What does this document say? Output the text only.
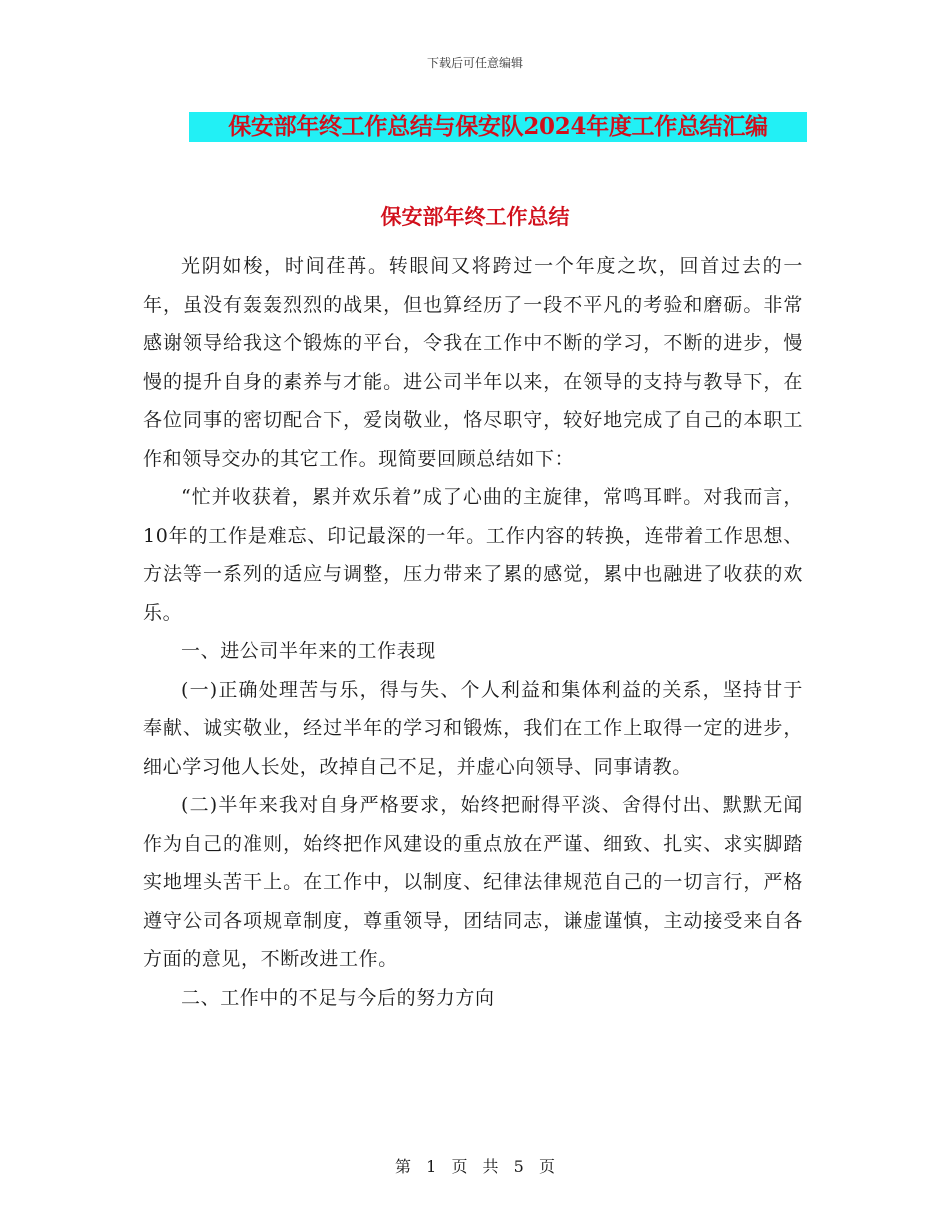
下载后可任意编辑
保安部年终工作总结与保安队2024年度工作总结汇编
保安部年终工作总结

光阴如梭，时间荏苒。转眼间又将跨过一个年度之坎，回首过去的一年，虽没有轰轰烈烈的战果，但也算经历了一段不平凡的考验和磨砺。非常感谢领导给我这个锻炼的平台，令我在工作中不断的学习，不断的进步，慢慢的提升自身的素养与才能。进公司半年以来，在领导的支持与教导下，在各位同事的密切配合下，爱岗敬业，恪尽职守，较好地完成了自己的本职工作和领导交办的其它工作。现简要回顾总结如下：

“忙并收获着，累并欢乐着”成了心曲的主旋律，常鸣耳畔。对我而言，10年的工作是难忘、印记最深的一年。工作内容的转换，连带着工作思想、方法等一系列的适应与调整，压力带来了累的感觉，累中也融进了收获的欢乐。

一、进公司半年来的工作表现

(一)正确处理苦与乐，得与失、个人利益和集体利益的关系，坚持甘于奉献、诚实敬业，经过半年的学习和锻炼，我们在工作上取得一定的进步，细心学习他人长处，改掉自己不足，并虚心向领导、同事请教。

(二)半年来我对自身严格要求，始终把耐得平淡、舍得付出、默默无闻作为自己的准则，始终把作风建设的重点放在严谨、细致、扎实、求实脚踏实地埋头苦干上。在工作中，以制度、纪律法律规范自己的一切言行，严格遵守公司各项规章制度，尊重领导，团结同志，谦虚谨慎，主动接受来自各方面的意见，不断改进工作。

二、工作中的不足与今后的努力方向

第 1 页 共 5 页
